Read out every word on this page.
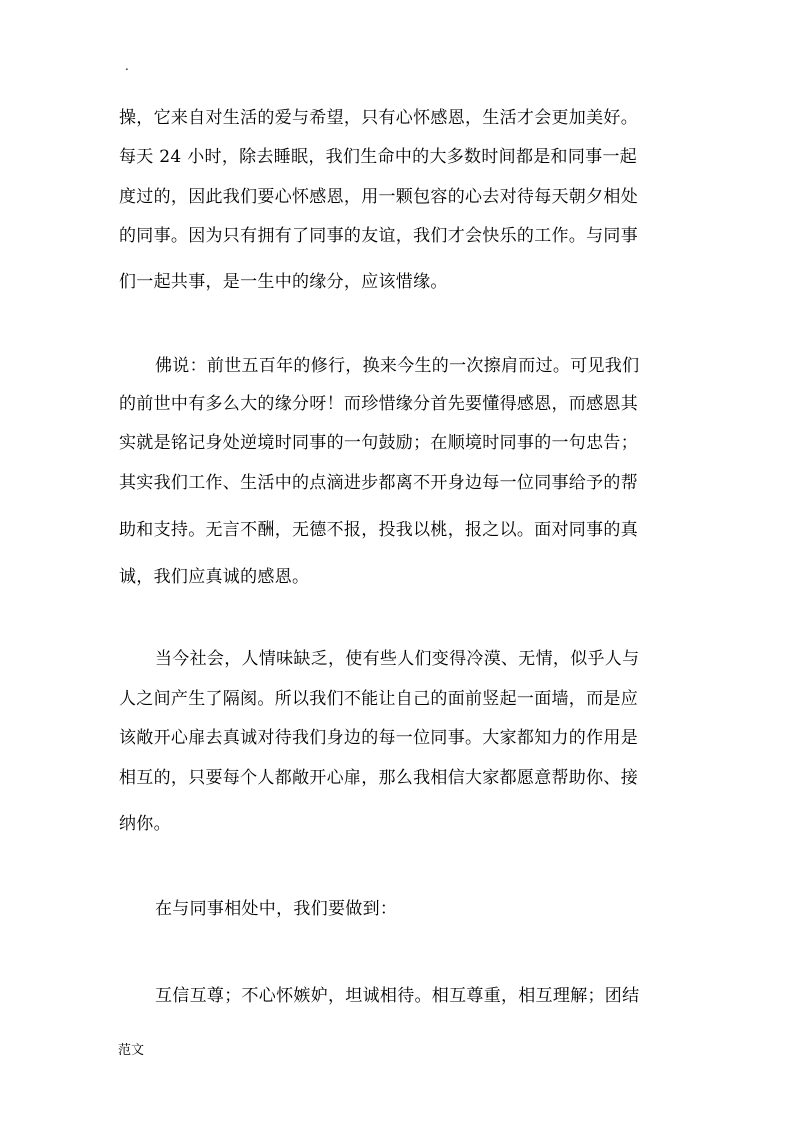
.
操，它来自对生活的爱与希望，只有心怀感恩，生活才会更加美好。
每天 24 小时，除去睡眠，我们生命中的大多数时间都是和同事一起
度过的，因此我们要心怀感恩，用一颗包容的心去对待每天朝夕相处
的同事。因为只有拥有了同事的友谊，我们才会快乐的工作。与同事
们一起共事，是一生中的缘分，应该惜缘。
佛说：前世五百年的修行，换来今生的一次擦肩而过。可见我们
的前世中有多么大的缘分呀！而珍惜缘分首先要懂得感恩，而感恩其
实就是铭记身处逆境时同事的一句鼓励；在顺境时同事的一句忠告；
其实我们工作、生活中的点滴进步都离不开身边每一位同事给予的帮
助和支持。无言不酬，无德不报，投我以桃，报之以。面对同事的真
诚，我们应真诚的感恩。
当今社会，人情味缺乏，使有些人们变得冷漠、无情，似乎人与
人之间产生了隔阂。所以我们不能让自己的面前竖起一面墙，而是应
该敞开心扉去真诚对待我们身边的每一位同事。大家都知力的作用是
相互的，只要每个人都敞开心扉，那么我相信大家都愿意帮助你、接
纳你。
在与同事相处中，我们要做到：
互信互尊；不心怀嫉妒，坦诚相待。相互尊重，相互理解；团结
范文
